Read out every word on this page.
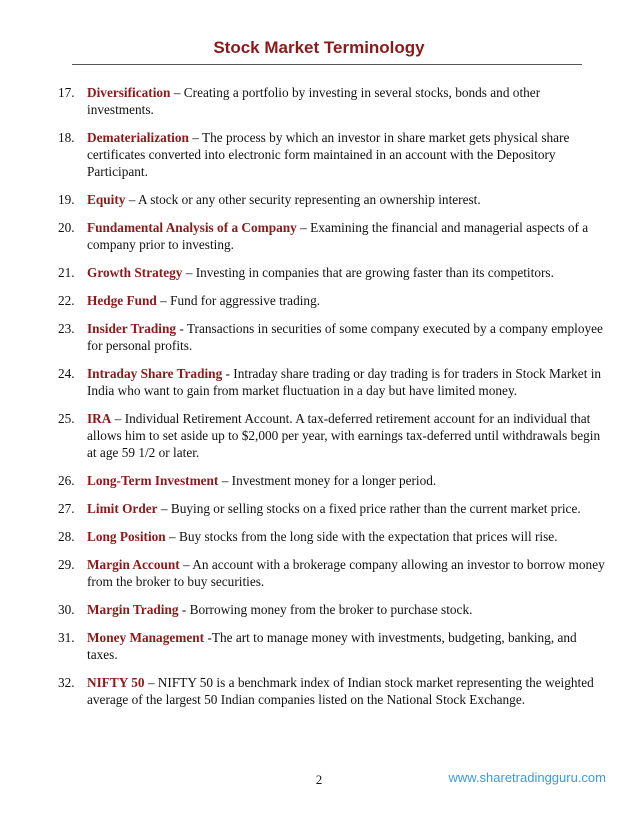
Stock Market Terminology
17. Diversification – Creating a portfolio by investing in several stocks, bonds and other investments.
18. Dematerialization – The process by which an investor in share market gets physical share certificates converted into electronic form maintained in an account with the Depository Participant.
19. Equity – A stock or any other security representing an ownership interest.
20. Fundamental Analysis of a Company – Examining the financial and managerial aspects of a company prior to investing.
21. Growth Strategy – Investing in companies that are growing faster than its competitors.
22. Hedge Fund – Fund for aggressive trading.
23. Insider Trading - Transactions in securities of some company executed by a company employee for personal profits.
24. Intraday Share Trading - Intraday share trading or day trading is for traders in Stock Market in India who want to gain from market fluctuation in a day but have limited money.
25. IRA – Individual Retirement Account. A tax-deferred retirement account for an individual that allows him to set aside up to $2,000 per year, with earnings tax-deferred until withdrawals begin at age 59 1/2 or later.
26. Long-Term Investment – Investment money for a longer period.
27. Limit Order – Buying or selling stocks on a fixed price rather than the current market price.
28. Long Position – Buy stocks from the long side with the expectation that prices will rise.
29. Margin Account – An account with a brokerage company allowing an investor to borrow money from the broker to buy securities.
30. Margin Trading - Borrowing money from the broker to purchase stock.
31. Money Management -The art to manage money with investments, budgeting, banking, and taxes.
32. NIFTY 50 – NIFTY 50 is a benchmark index of Indian stock market representing the weighted average of the largest 50 Indian companies listed on the National Stock Exchange.
2	www.sharetradingguru.com
